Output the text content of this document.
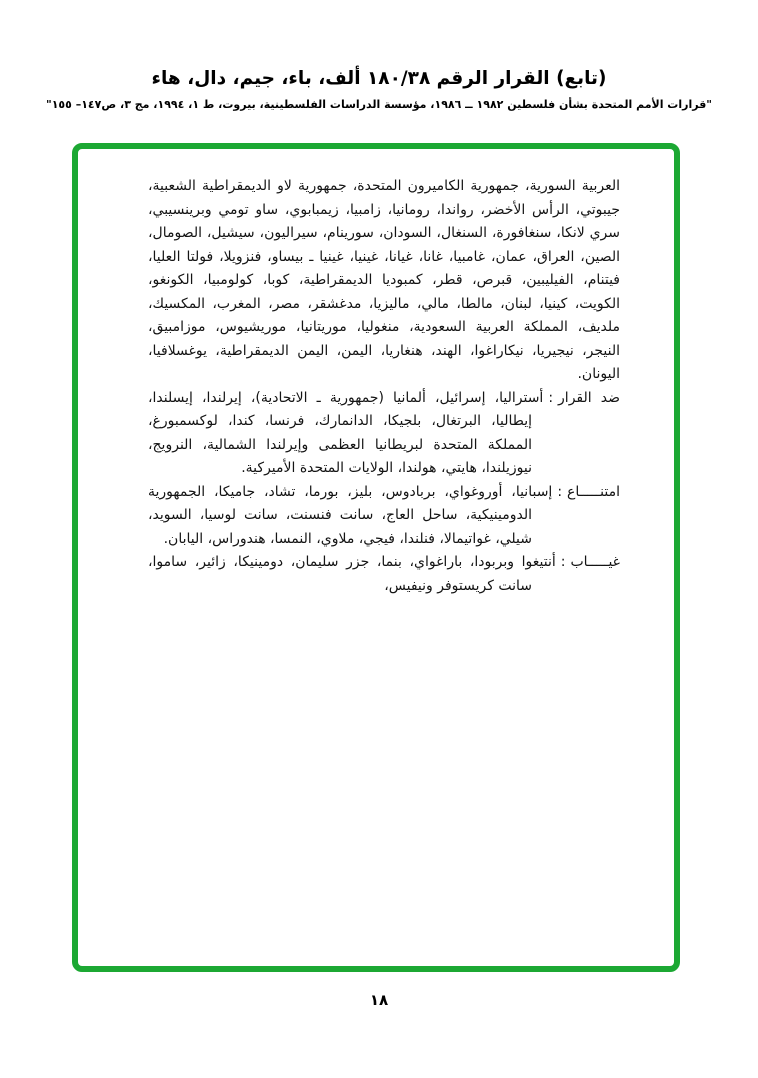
(تابع) القرار الرقم ١٨٠/٣٨ ألف، باء، جيم، دال، هاء
"قرارات الأمم المتحدة بشأن فلسطين ١٩٨٢ ــ ١٩٨٦، مؤسسة الدراسات الفلسطينية، بيروت، ط ١، ١٩٩٤، مج ٣، ص١٤٧– ١٥٥"

العربية السورية، جمهورية الكاميرون المتحدة، جمهورية لاو الديمقراطية الشعبية، جيبوتي، الرأس الأخضر، رواندا، رومانيا، زامبيا، زيمبابوي، ساو تومي وبرينسيبي، سري لانكا، سنغافورة، السنغال، السودان، سورينام، سيراليون، سيشيل، الصومال، الصين، العراق، عمان، غامبيا، غانا، غيانا، غينيا، غينيا ـ بيساو، فنزويلا، فولتا العليا، فيتنام، الفيليبين، قبرص، قطر، كمبوديا الديمقراطية، كوبا، كولومبيا، الكونغو، الكويت، كينيا، لبنان، مالطا، مالي، ماليزيا، مدغشقر، مصر، المغرب، المكسيك، ملديف، المملكة العربية السعودية، منغوليا، موريتانيا، موريشيوس، موزامبيق، النيجر، نيجيريا، نيكاراغوا، الهند، هنغاريا، اليمن، اليمن الديمقراطية، يوغسلافيا، اليونان.

ضد القرار:أستراليا، إسرائيل، ألمانيا (جمهورية ـ الاتحادية)، إيرلندا، إيسلندا، إيطاليا، البرتغال، بلجيكا، الدانمارك، فرنسا، كندا، لوكسمبورغ، المملكة المتحدة لبريطانيا العظمى وإيرلندا الشمالية، النرويج، نيوزيلندا، هايتي، هولندا، الولايات المتحدة الأميركية.

امتنـــــاع:إسبانيا، أوروغواي، بربادوس، بليز، بورما، تشاد، جاميكا، الجمهورية الدومينيكية، ساحل العاج، سانت فنسنت، سانت لوسيا، السويد، شيلي، غواتيمالا، فنلندا، فيجي، ملاوي، النمسا، هندوراس، اليابان.

غيـــــاب:أنتيغوا وبربودا، باراغواي، بنما، جزر سليمان، دومينيكا، زائير، ساموا، سانت كريستوفر ونيفيس،

١٨
